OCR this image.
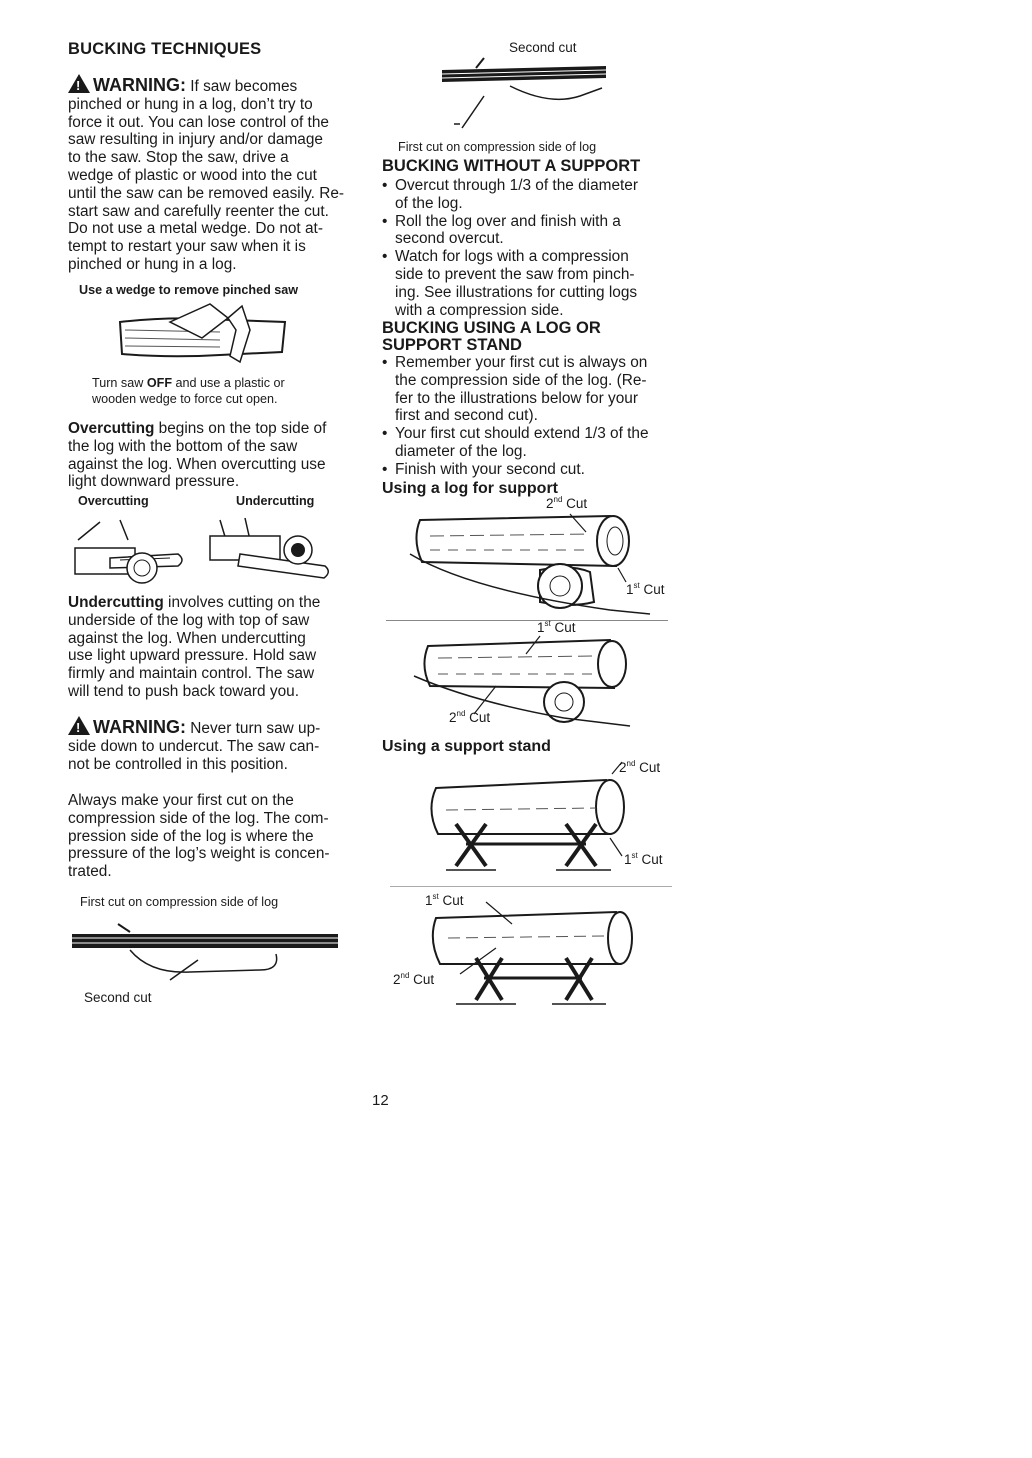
BUCKING TECHNIQUES
!WARNING: If saw becomes
pinched or hung in a log, don’t try to
force it out. You can lose control of the
saw resulting in injury and/or damage
to the saw. Stop the saw, drive a
wedge of plastic or wood into the cut
until the saw can be removed easily. Re-
start saw and carefully reenter the cut.
Do not use a metal wedge. Do not at-
tempt to restart your saw when it is
pinched or hung in a log.
Use a wedge to remove pinched saw
Turn saw OFF and use a plastic or
wooden wedge to force cut open.
Overcutting begins on the top side of
the log with the bottom of the saw
against the log. When overcutting use
light downward pressure.
Overcutting	Undercutting
Undercutting involves cutting on the
underside of the log with top of saw
against the log. When undercutting
use light upward pressure. Hold saw
firmly and maintain control. The saw
will tend to push back toward you.
!WARNING: Never turn saw up-
side down to undercut. The saw can-
not be controlled in this position.
Always make your first cut on the
compression side of the log. The com-
pression side of the log is where the
pressure of the log’s weight is concen-
trated.
First cut on compression side of log
Second cut
Second cut
First cut on compression side of log
BUCKING WITHOUT A SUPPORT
• Overcut through 1/3 of the diameter
of the log.
• Roll the log over and finish with a
second overcut.
• Watch for logs with a compression
side to prevent the saw from pinch-
ing. See illustrations for cutting logs
with a compression side.
BUCKING USING A LOG OR
SUPPORT STAND
• Remember your first cut is always on
the compression side of the log. (Re-
fer to the illustrations below for your
first and second cut).
• Your first cut should extend 1/3 of the
diameter of the log.
• Finish with your second cut.
Using a log for support
2nd Cut
1st Cut
1st Cut
2nd Cut
Using a support stand
2nd Cut
1st Cut
1st Cut
2nd Cut
12
